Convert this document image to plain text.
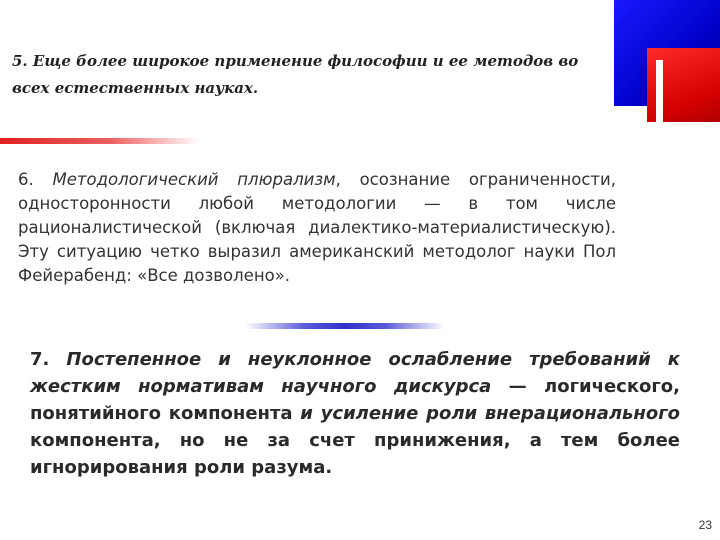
5. Еще более широкое применение философии и ее методов во всех естественных науках.

6. Методологический плюрализм, осознание ограниченности, односторонности любой методологии — в том числе рационалистической (включая диалектико-материалистическую). Эту ситуацию четко выразил американский методолог науки Пол Фейерабенд: «Все дозволено».

7. Постепенное и неуклонное ослабление требований к жестким нормативам научного дискурса — логического, понятийного компонента и усиление роли внерационального компонента, но не за счет принижения, а тем более игнорирования роли разума.

23
